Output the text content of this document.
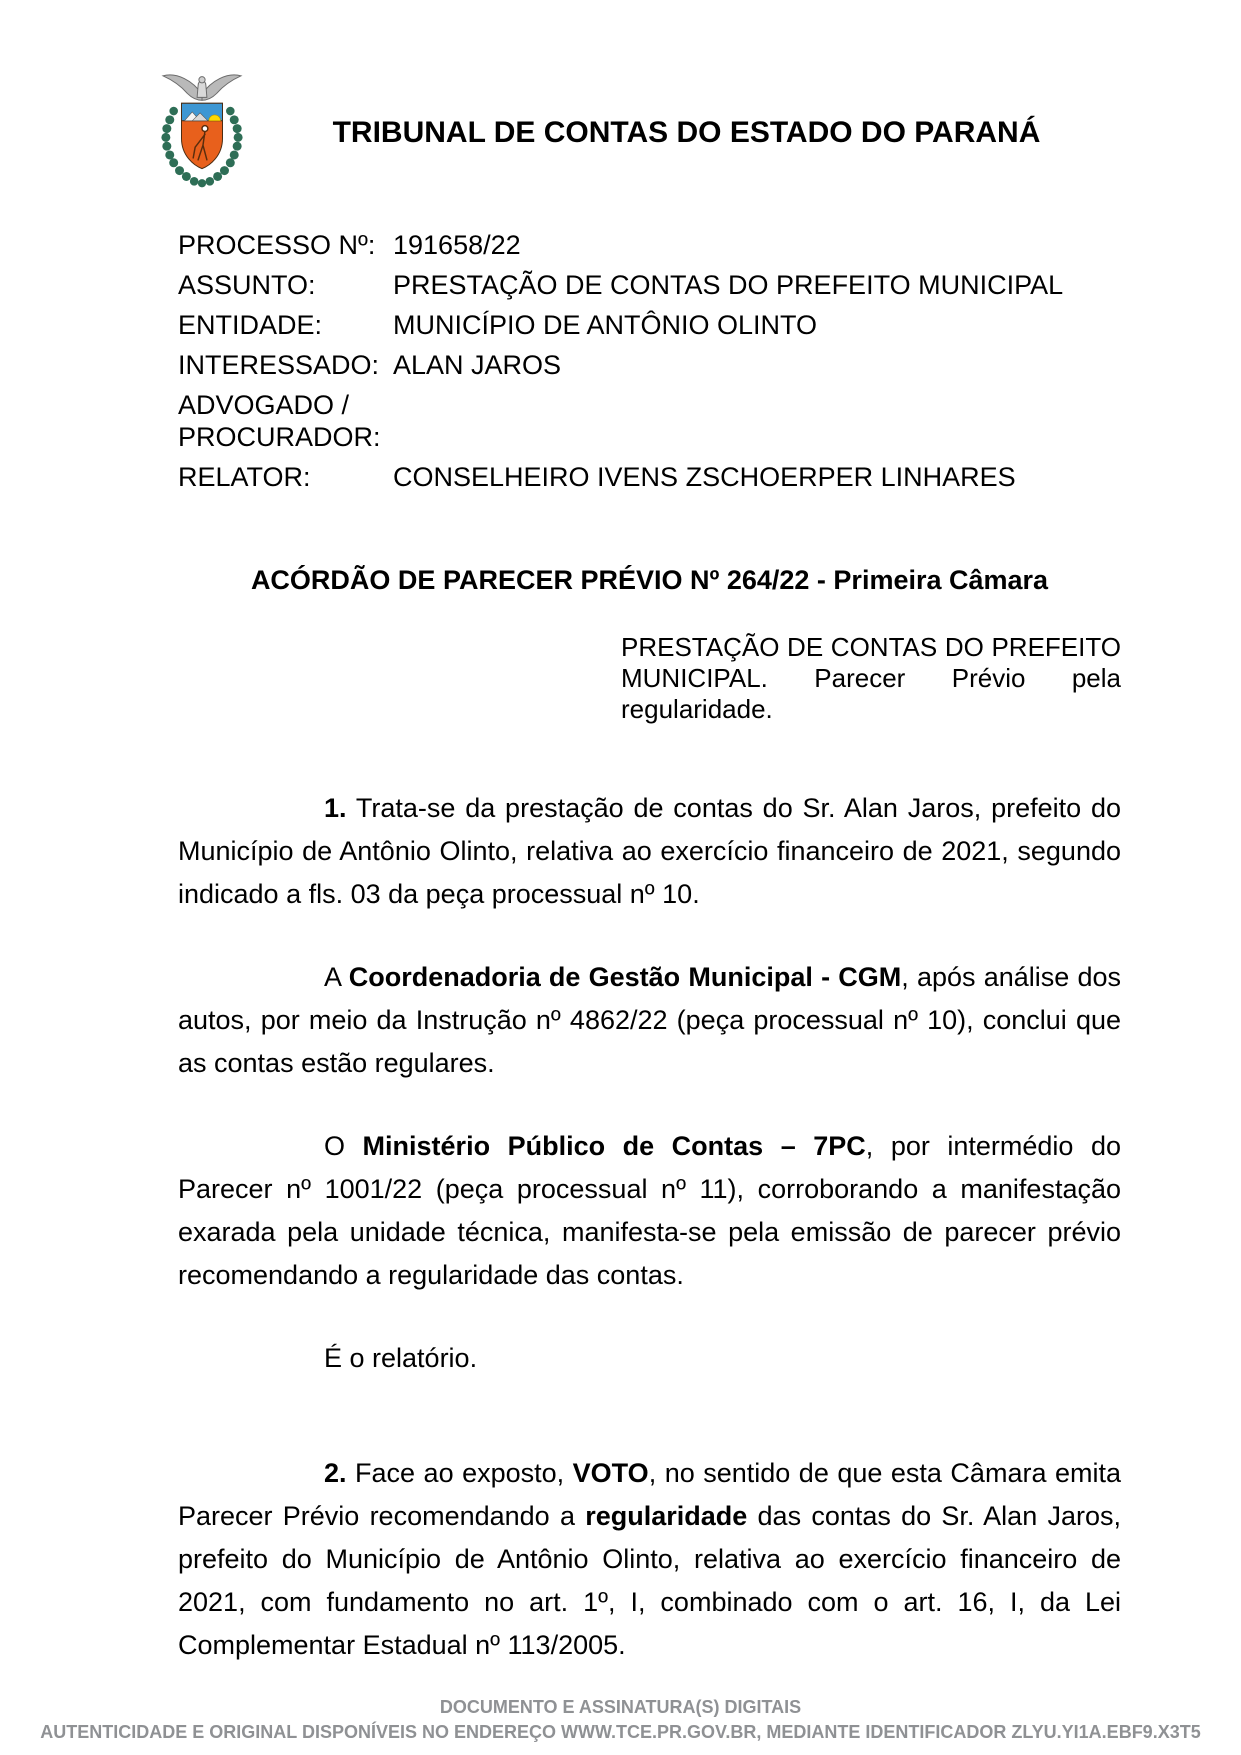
TRIBUNAL DE CONTAS DO ESTADO DO PARANÁ
PROCESSO Nº: 191658/22
ASSUNTO:	PRESTAÇÃO DE CONTAS DO PREFEITO MUNICIPAL
ENTIDADE:	MUNICÍPIO DE ANTÔNIO OLINTO
INTERESSADO: ALAN JAROS
ADVOGADO / PROCURADOR:
RELATOR:	CONSELHEIRO IVENS ZSCHOERPER LINHARES
ACÓRDÃO DE PARECER PRÉVIO Nº 264/22 - Primeira Câmara

PRESTAÇÃO DE CONTAS DO PREFEITO MUNICIPAL. Parecer Prévio pela regularidade.

1. Trata-se da prestação de contas do Sr. Alan Jaros, prefeito do Município de Antônio Olinto, relativa ao exercício financeiro de 2021, segundo indicado a fls. 03 da peça processual nº 10.

A Coordenadoria de Gestão Municipal - CGM, após análise dos autos, por meio da Instrução nº 4862/22 (peça processual nº 10), conclui que as contas estão regulares.

O Ministério Público de Contas – 7PC, por intermédio do Parecer nº 1001/22 (peça processual nº 11), corroborando a manifestação exarada pela unidade técnica, manifesta-se pela emissão de parecer prévio recomendando a regularidade das contas.

É o relatório.

2. Face ao exposto, VOTO, no sentido de que esta Câmara emita Parecer Prévio recomendando a regularidade das contas do Sr. Alan Jaros, prefeito do Município de Antônio Olinto, relativa ao exercício financeiro de 2021, com fundamento no art. 1º, I, combinado com o art. 16, I, da Lei Complementar Estadual nº 113/2005.

DOCUMENTO E ASSINATURA(S) DIGITAIS
AUTENTICIDADE E ORIGINAL DISPONÍVEIS NO ENDEREÇO WWW.TCE.PR.GOV.BR, MEDIANTE IDENTIFICADOR ZLYU.YI1A.EBF9.X3T5
